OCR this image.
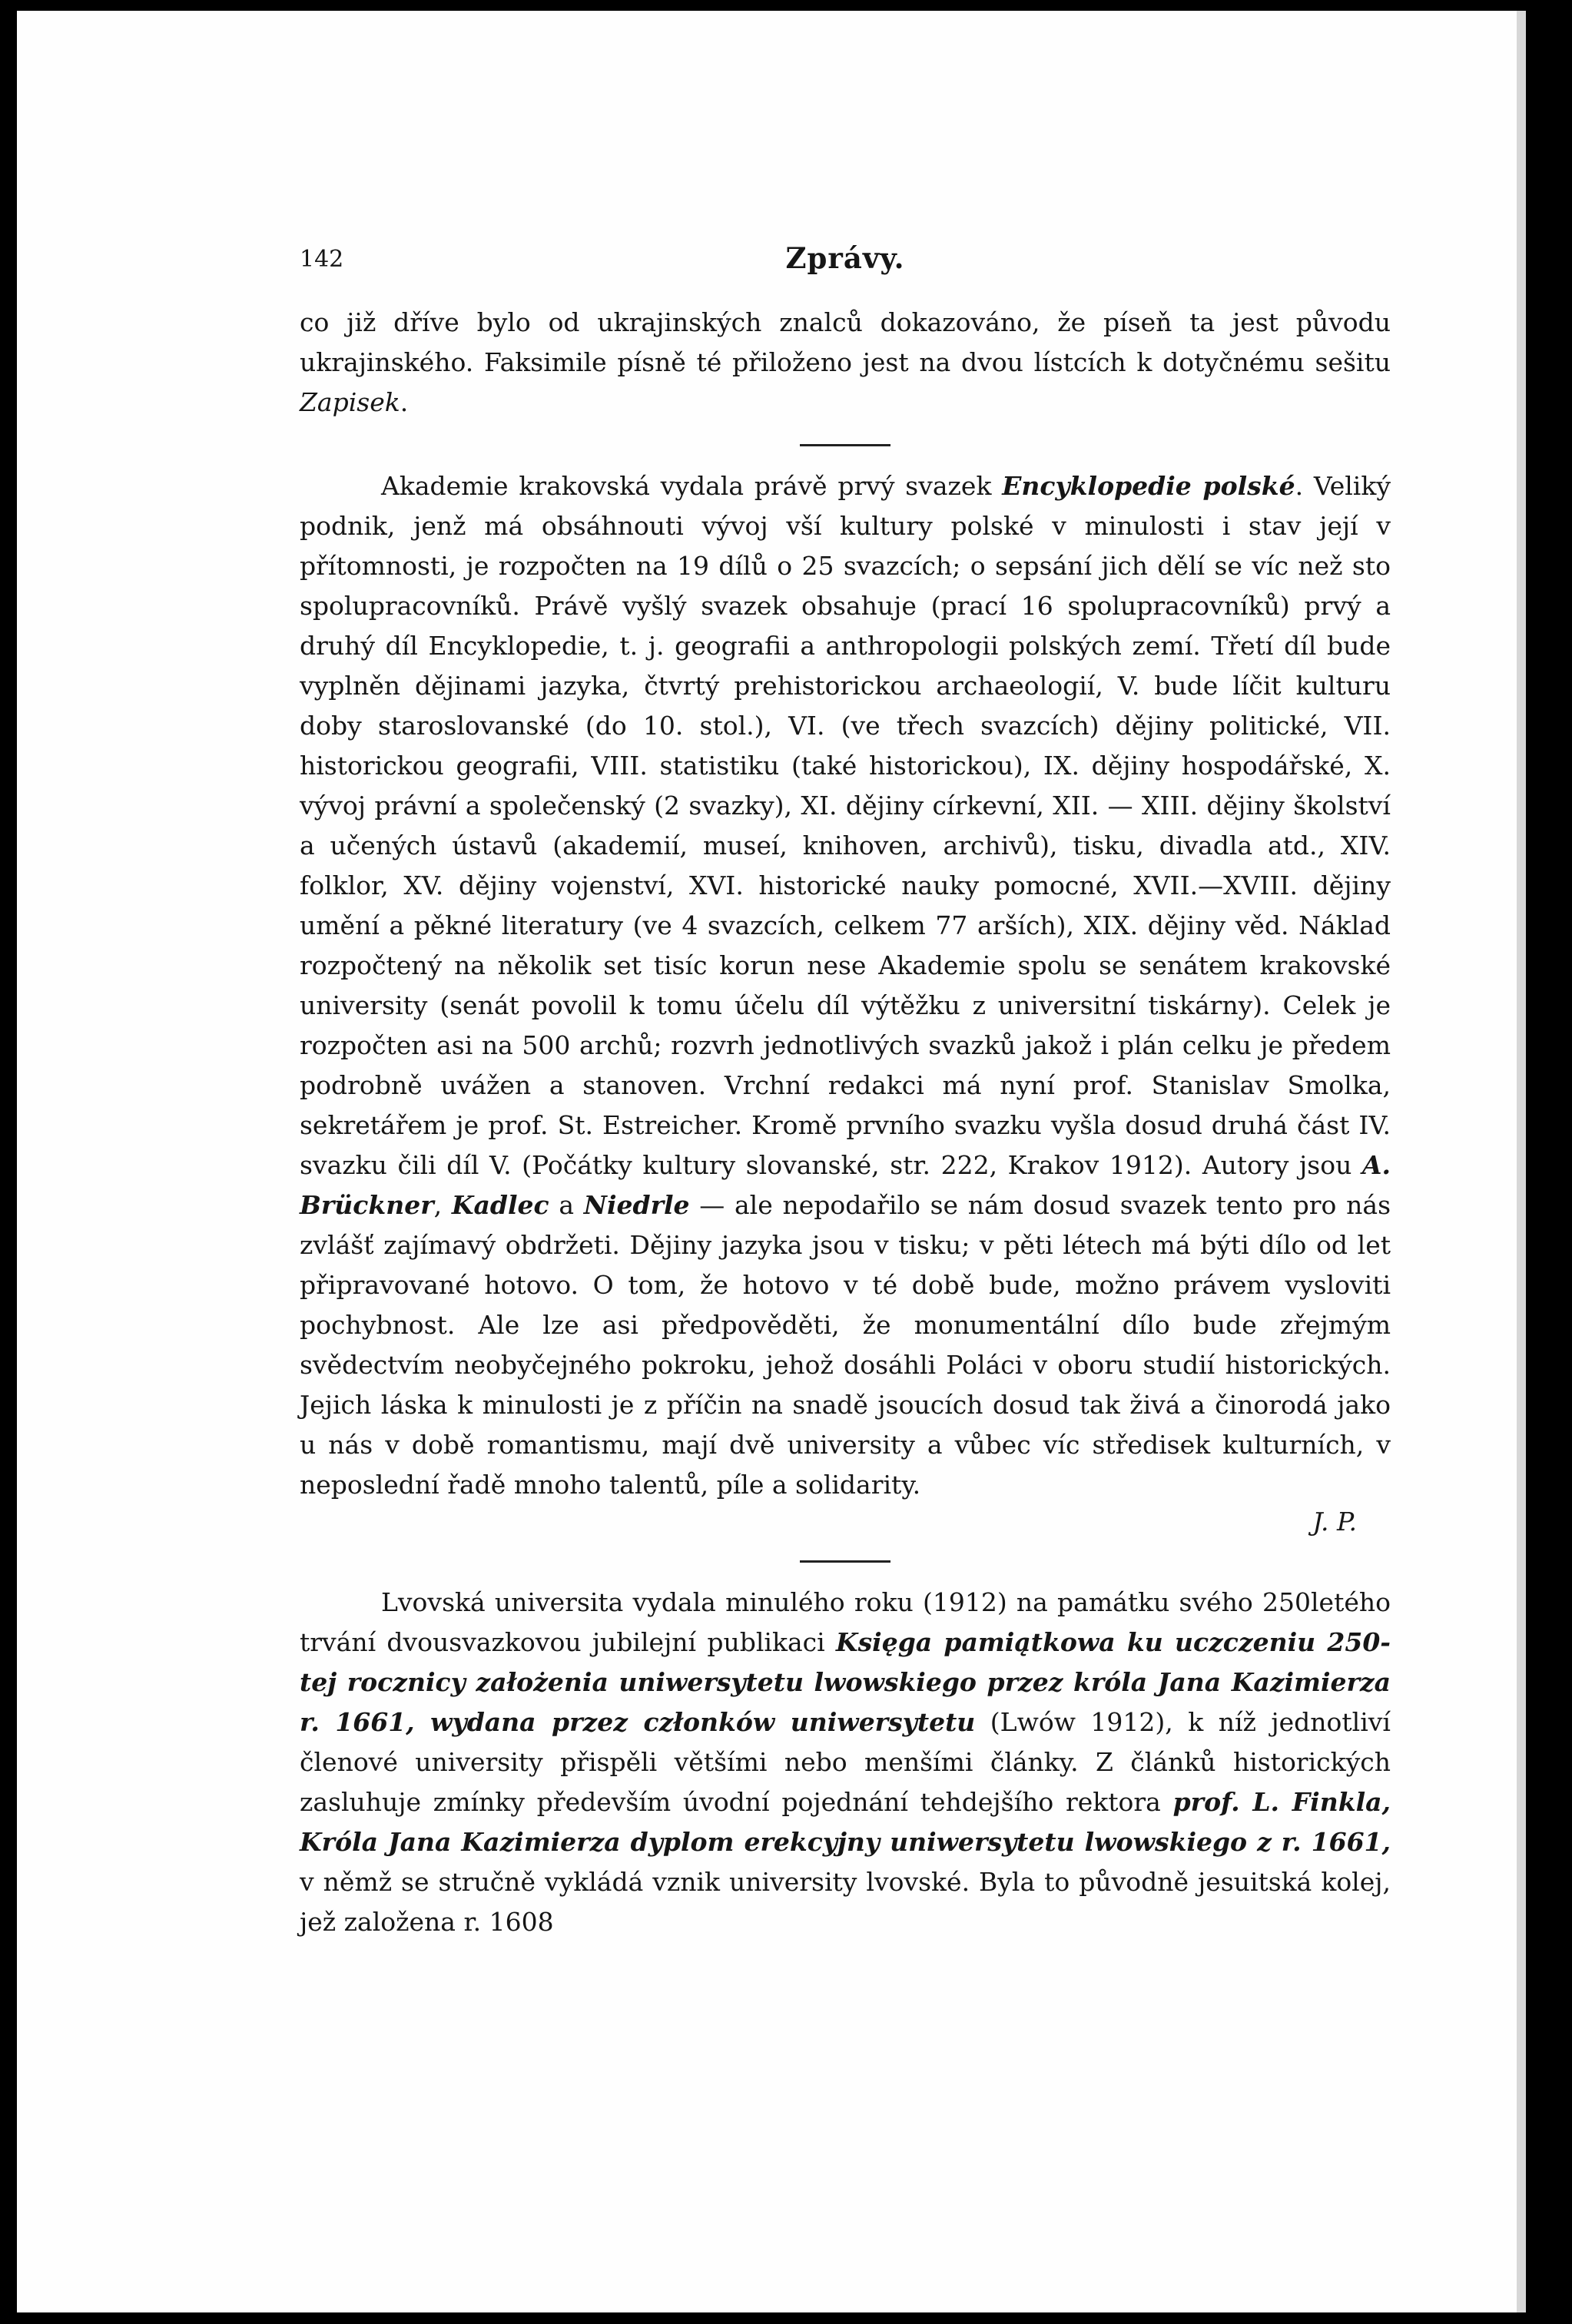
142	Zprávy.

co již dříve bylo od ukrajinských znalců dokazováno, že píseň ta jest původu ukrajinského. Faksimile písně té přiloženo jest na dvou lístcích k dotyčnému sešitu Zapisek.

Akademie krakovská vydala právě prvý svazek Encyklopedie polské. Veliký podnik, jenž má obsáhnouti vývoj vší kultury polské v minulosti i stav její v přítomnosti, je rozpočten na 19 dílů o 25 svazcích; o sepsání jich dělí se víc než sto spolupracovníků. Právě vyšlý svazek obsahuje (prací 16 spolupracovníků) prvý a druhý díl Encyklopedie, t. j. geografii a anthropologii polských zemí. Třetí díl bude vyplněn dějinami jazyka, čtvrtý prehistorickou archaeologií, V. bude líčit kulturu doby staroslovanské (do 10. stol.), VI. (ve třech svazcích) dějiny politické, VII. historickou geografii, VIII. statistiku (také historickou), IX. dějiny hospodářské, X. vývoj právní a společenský (2 svazky), XI. dějiny církevní, XII. — XIII. dějiny školství a učených ústavů (akademií, museí, knihoven, archivů), tisku, divadla atd., XIV. folklor, XV. dějiny vojenství, XVI. historické nauky pomocné, XVII.—XVIII. dějiny umění a pěkné literatury (ve 4 svazcích, celkem 77 arších), XIX. dějiny věd. Náklad rozpočtený na několik set tisíc korun nese Akademie spolu se senátem krakovské university (senát povolil k tomu účelu díl výtěžku z universitní tiskárny). Celek je rozpočten asi na 500 archů; rozvrh jednotlivých svazků jakož i plán celku je předem podrobně uvážen a stanoven. Vrchní redakci má nyní prof. Stanislav Smolka, sekretářem je prof. St. Estreicher. Kromě prvního svazku vyšla dosud druhá část IV. svazku čili díl V. (Počátky kultury slovanské, str. 222, Krakov 1912). Autory jsou A. Brückner, Kadlec a Niedrle — ale nepodařilo se nám dosud svazek tento pro nás zvlášť zajímavý obdržeti. Dějiny jazyka jsou v tisku; v pěti létech má býti dílo od let připravované hotovo. O tom, že hotovo v té době bude, možno právem vysloviti pochybnost. Ale lze asi předpověděti, že monumentální dílo bude zřejmým svědectvím neobyčejného pokroku, jehož dosáhli Poláci v oboru studií historických. Jejich láska k minulosti je z příčin na snadě jsoucích dosud tak živá a činorodá jako u nás v době romantismu, mají dvě university a vůbec víc středisek kulturních, v neposlední řadě mnoho talentů, píle a solidarity.

J. P.

Lvovská universita vydala minulého roku (1912) na památku svého 250letého trvání dvousvazkovou jubilejní publikaci Księga pamiątkowa ku uczczeniu 250-tej rocznicy założenia uniwersytetu lwowskiego przez króla Jana Kazimierza r. 1661, wydana przez członków uniwersytetu (Lwów 1912), k níž jednotliví členové university přispěli většími nebo menšími články. Z článků historických zasluhuje zmínky především úvodní pojednání tehdejšího rektora prof. L. Finkla, Króla Jana Kazimierza dyplom erekcyjny uniwersytetu lwowskiego z r. 1661, v němž se stručně vykládá vznik university lvovské. Byla to původně jesuitská kolej, jež založena r. 1608
